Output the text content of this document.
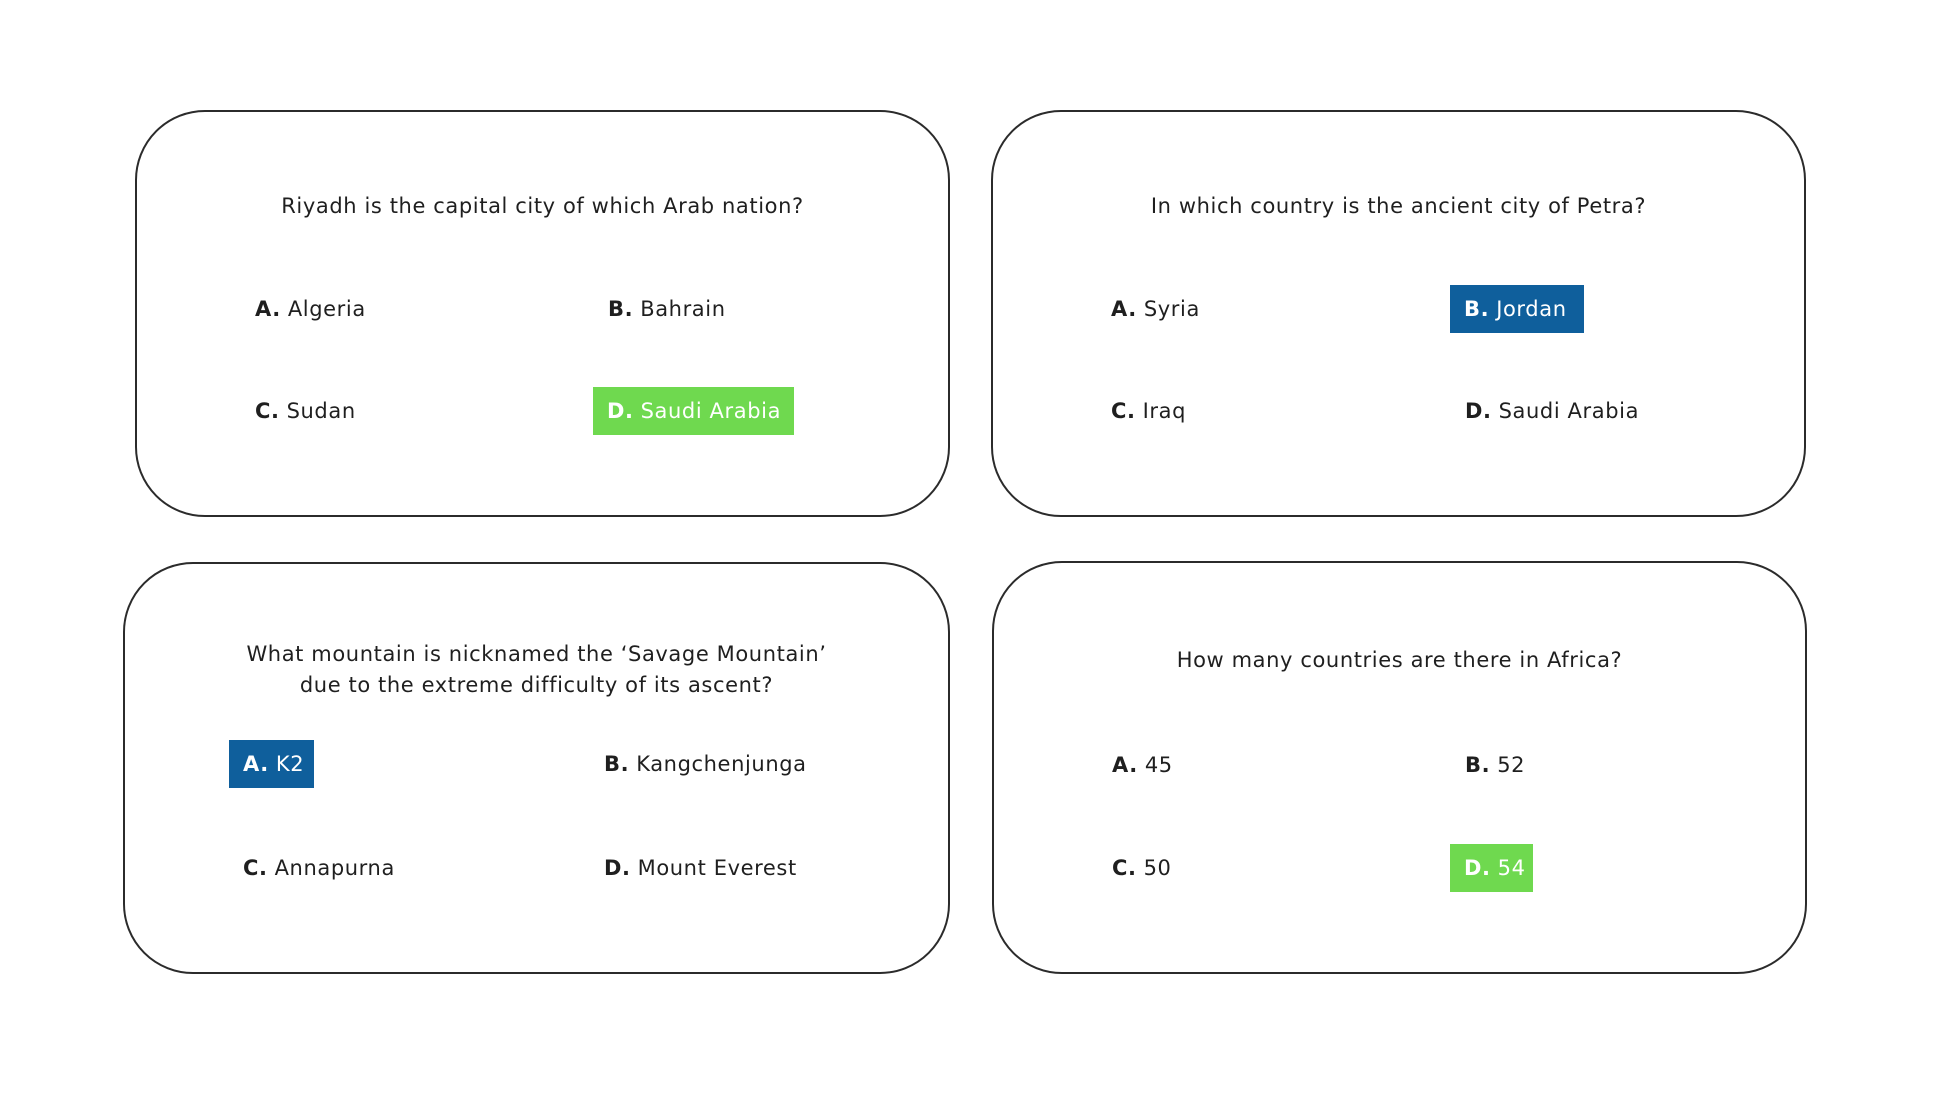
Riyadh is the capital city of which Arab nation?
A. Algeria	B. Bahrain
C. Sudan	D. Saudi Arabia
In which country is the ancient city of Petra?
A. Syria	B. Jordan
C. Iraq	D. Saudi Arabia
What mountain is nicknamed the ‘Savage Mountain’
due to the extreme difficulty of its ascent?
A. K2	B. Kangchenjunga
C. Annapurna	D. Mount Everest
How many countries are there in Africa?
A. 45	B. 52
C. 50	D. 54
